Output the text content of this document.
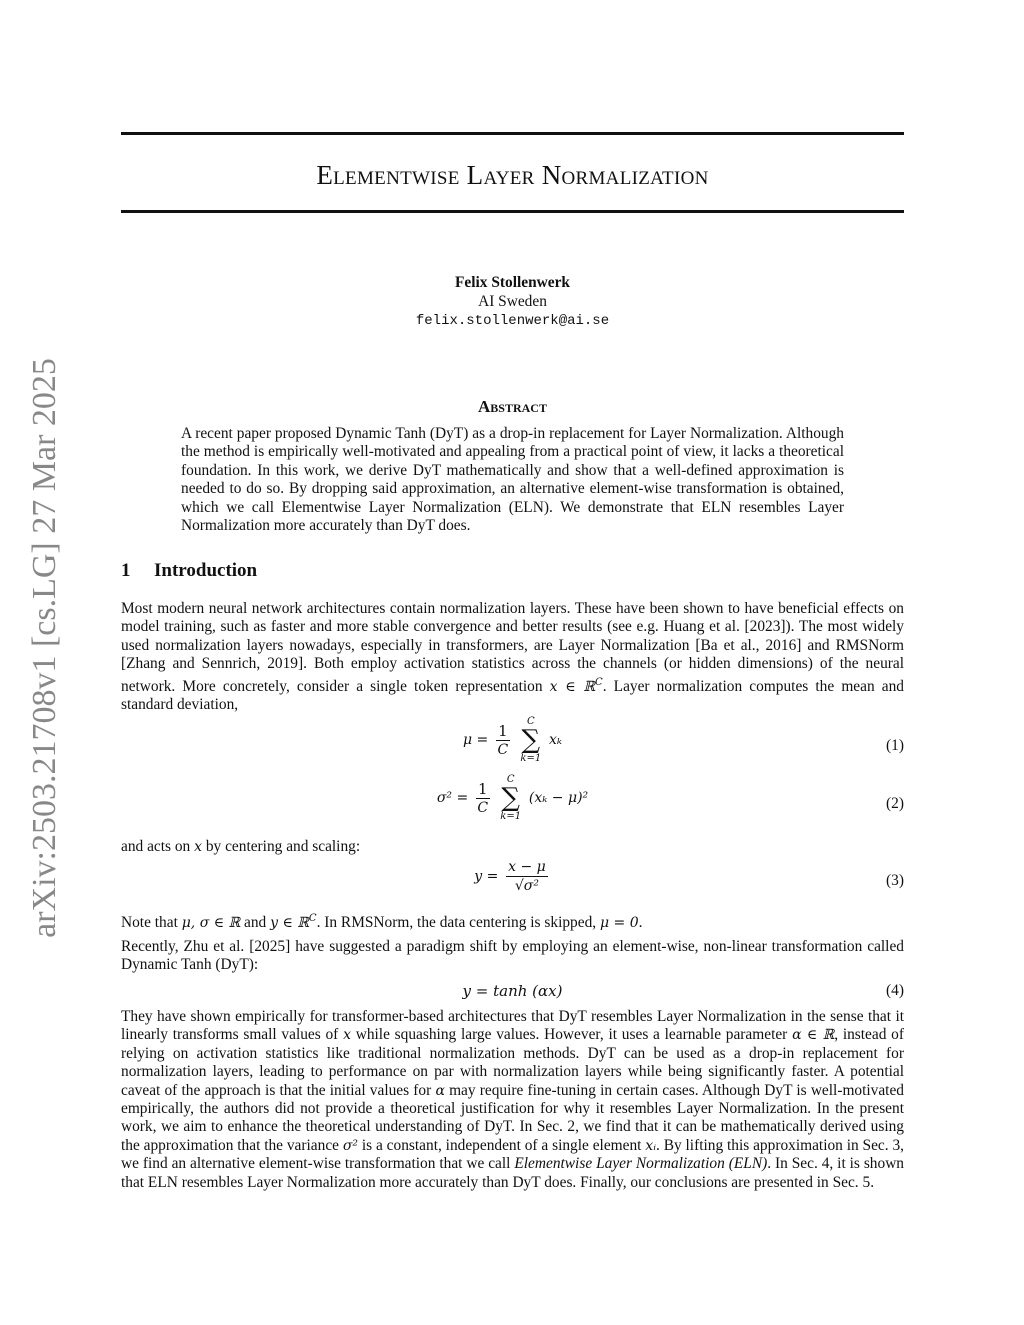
arXiv:2503.21708v1 [cs.LG] 27 Mar 2025
Elementwise Layer Normalization
Felix Stollenwerk
AI Sweden
felix.stollenwerk@ai.se
Abstract
A recent paper proposed Dynamic Tanh (DyT) as a drop-in replacement for Layer Normalization. Although the method is empirically well-motivated and appealing from a practical point of view, it lacks a theoretical foundation. In this work, we derive DyT mathematically and show that a well-defined approximation is needed to do so. By dropping said approximation, an alternative element-wise transformation is obtained, which we call Elementwise Layer Normalization (ELN). We demonstrate that ELN resembles Layer Normalization more accurately than DyT does.
1 Introduction
Most modern neural network architectures contain normalization layers. These have been shown to have beneficial effects on model training, such as faster and more stable convergence and better results (see e.g. Huang et al. [2023]). The most widely used normalization layers nowadays, especially in transformers, are Layer Normalization [Ba et al., 2016] and RMSNorm [Zhang and Sennrich, 2019]. Both employ activation statistics across the channels (or hidden dimensions) of the neural network. More concretely, consider a single token representation x ∈ ℝ$^C$. Layer normalization computes the mean and standard deviation,
$\mu = \frac{1}{C}$
	C
∑
k=1
xₖ	(1)
$\sigma^2 = \frac{1}{C}$
	C
∑
k=1
(xₖ − μ)²	(2)
and acts on x by centering and scaling:
$y = \frac{x - \mu}{\text{√σ²}}$	(3)
Note that μ, σ ∈ ℝ and y ∈ ℝ$^C$. In RMSNorm, the data centering is skipped, μ = 0.
Recently, Zhu et al. [2025] have suggested a paradigm shift by employing an element-wise, non-linear transformation called Dynamic Tanh (DyT):
y = tanh (αx)	(4)
They have shown empirically for transformer-based architectures that DyT resembles Layer Normalization in the sense that it linearly transforms small values of x while squashing large values. However, it uses a learnable parameter α ∈ ℝ, instead of relying on activation statistics like traditional normalization methods. DyT can be used as a drop-in replacement for normalization layers, leading to performance on par with normalization layers while being significantly faster. A potential caveat of the approach is that the initial values for α may require fine-tuning in certain cases. Although DyT is well-motivated empirically, the authors did not provide a theoretical justification for why it resembles Layer Normalization. In the present work, we aim to enhance the theoretical understanding of DyT. In Sec. 2, we find that it can be mathematically derived using the approximation that the variance σ² is a constant, independent of a single element xᵢ. By lifting this approximation in Sec. 3, we find an alternative element-wise transformation that we call Elementwise Layer Normalization (ELN). In Sec. 4, it is shown that ELN resembles Layer Normalization more accurately than DyT does. Finally, our conclusions are presented in Sec. 5.
